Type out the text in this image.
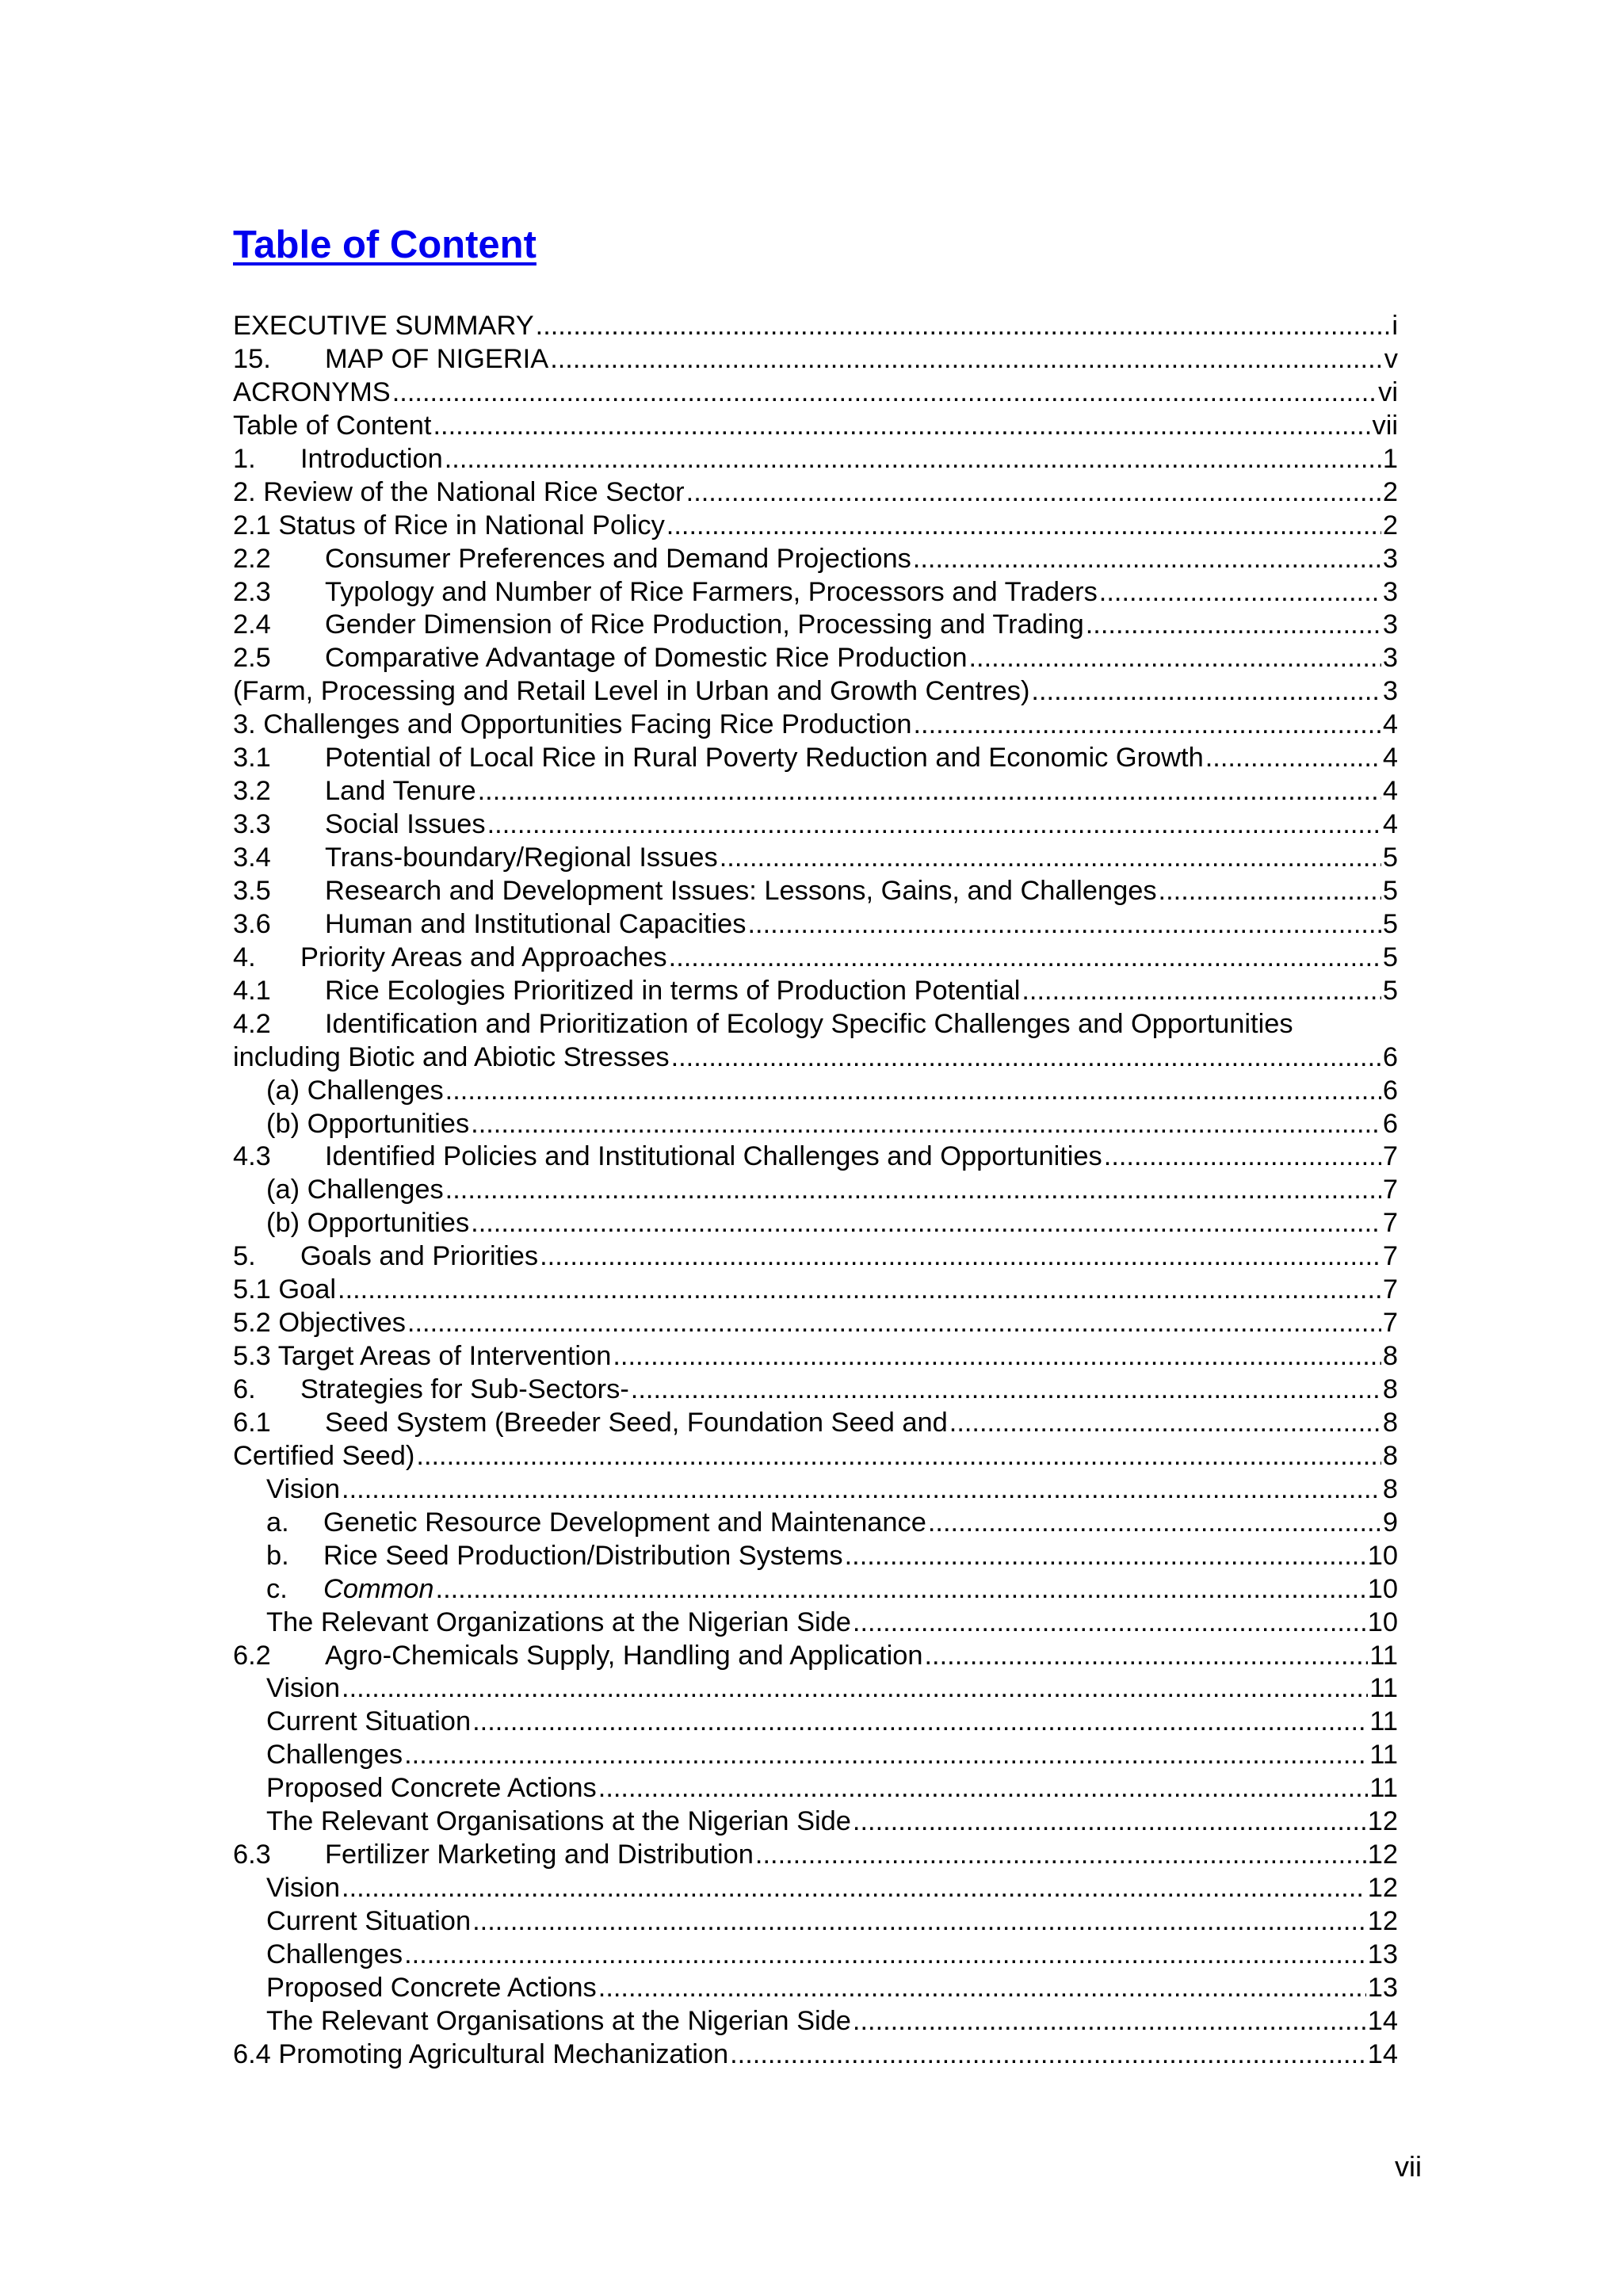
Table of Content
EXECUTIVE SUMMARY .....	i
15. MAP OF NIGERIA .....	v
ACRONYMS .....	vi
Table of Content .....	vii
1. Introduction .....	1
2. Review of the National Rice Sector .....	2
2.1 Status of Rice in National Policy .....	2
2.2 Consumer Preferences and Demand Projections .....	3
2.3 Typology and Number of Rice Farmers, Processors and Traders .....	3
2.4 Gender Dimension of Rice Production, Processing and Trading .....	3
2.5 Comparative Advantage of Domestic Rice Production .....	3
(Farm, Processing and Retail Level in Urban and Growth Centres) .....	3
3. Challenges and Opportunities Facing Rice Production .....	4
3.1 Potential of Local Rice in Rural Poverty Reduction and Economic Growth .....	4
3.2 Land Tenure .....	4
3.3 Social Issues .....	4
3.4 Trans-boundary/Regional Issues .....	5
3.5 Research and Development Issues: Lessons, Gains, and Challenges .....	5
3.6 Human and Institutional Capacities .....	5
4. Priority Areas and Approaches .....	5
4.1 Rice Ecologies Prioritized in terms of Production Potential .....	5
4.2 Identification and Prioritization of Ecology Specific Challenges and Opportunities
including Biotic and Abiotic Stresses .....	6
(a) Challenges .....	6
(b) Opportunities .....	6
4.3 Identified Policies and Institutional Challenges and Opportunities .....	7
(a) Challenges .....	7
(b) Opportunities .....	7
5. Goals and Priorities .....	7
5.1 Goal .....	7
5.2 Objectives .....	7
5.3 Target Areas of Intervention .....	8
6. Strategies for Sub-Sectors- .....	8
6.1 Seed System (Breeder Seed, Foundation Seed and .....	8
Certified Seed) .....	8
Vision .....	8
a. Genetic Resource Development and Maintenance .....	9
b. Rice Seed Production/Distribution Systems .....	10
c. Common .....	10
The Relevant Organizations at the Nigerian Side .....	10
6.2 Agro-Chemicals Supply, Handling and Application .....	11
Vision .....	11
Current Situation .....	11
Challenges .....	11
Proposed Concrete Actions .....	11
The Relevant Organisations at the Nigerian Side .....	12
6.3 Fertilizer Marketing and Distribution .....	12
Vision .....	12
Current Situation .....	12
Challenges .....	13
Proposed Concrete Actions .....	13
The Relevant Organisations at the Nigerian Side .....	14
6.4 Promoting Agricultural Mechanization .....	14
vii
